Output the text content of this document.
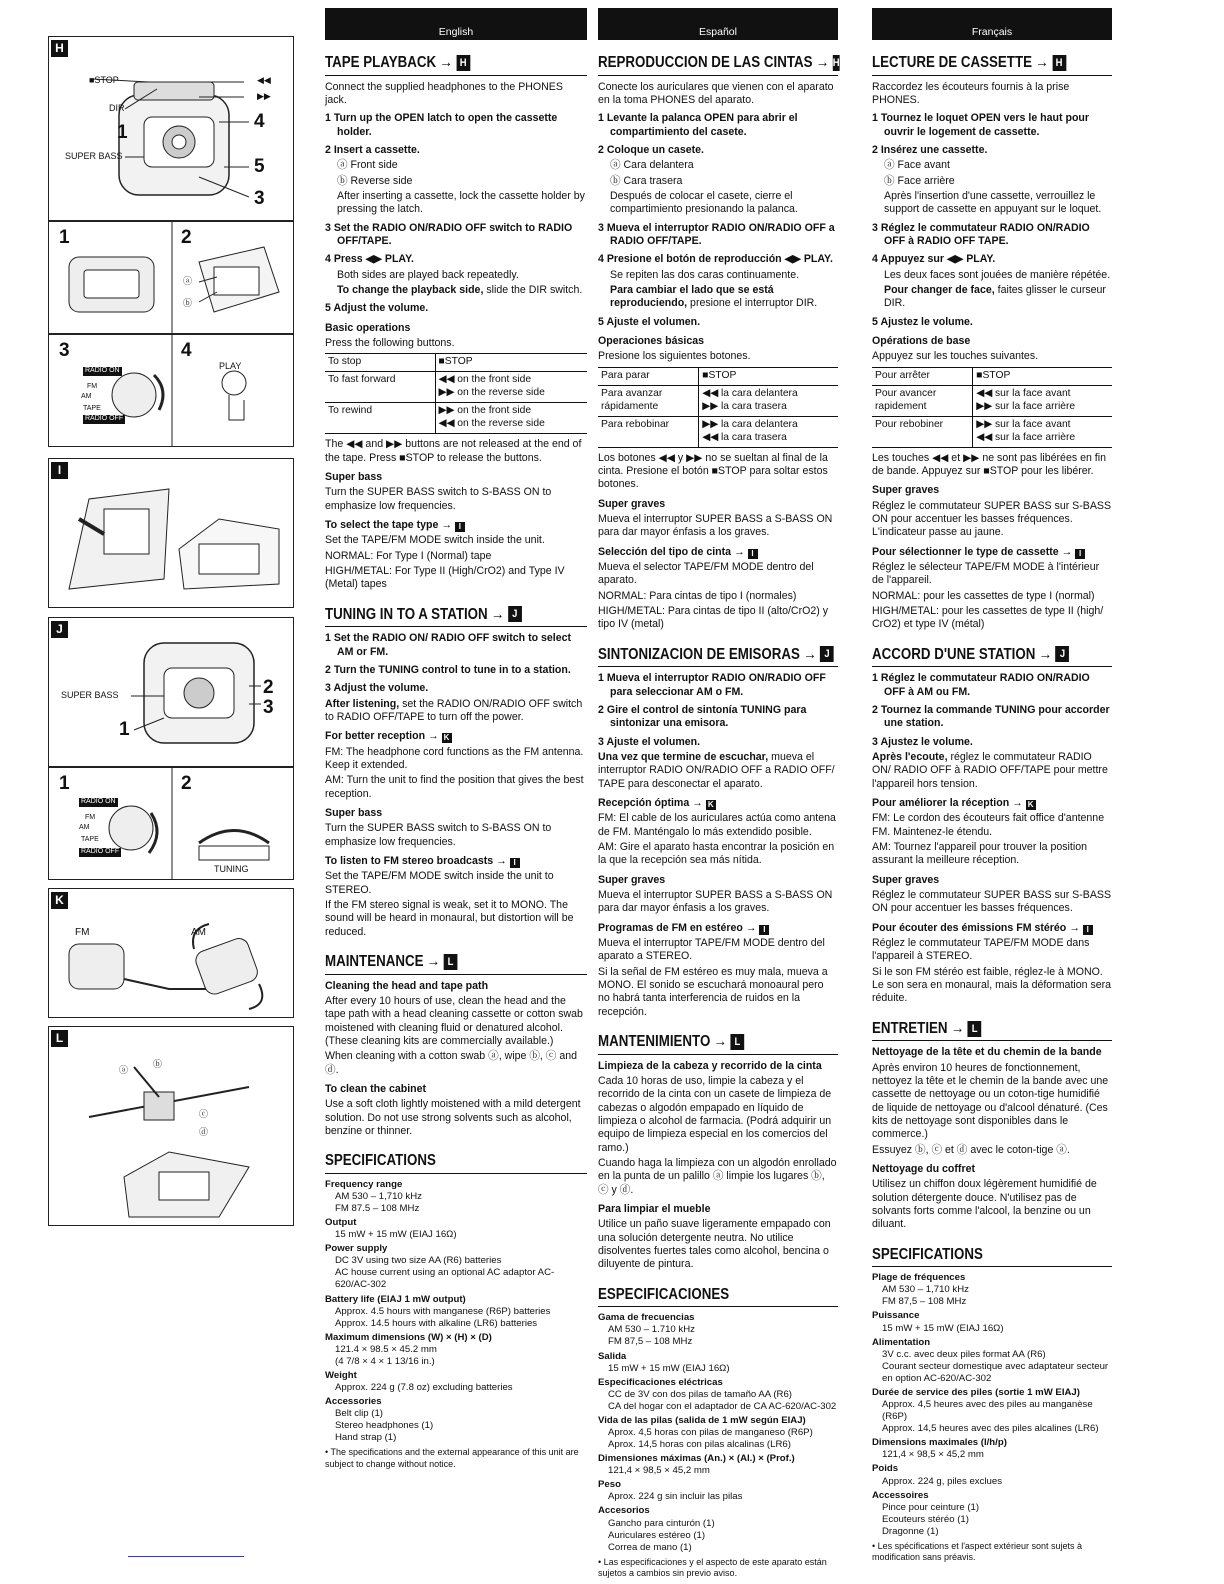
H
■STOP
DIR
SUPER BASS
◀◀
▶▶
1
4
5
3
1	2
ⓐ
ⓑ
3	4
RADIO ON
FM
AM
TAPE
RADIO OFF
PLAY
I
J
SUPER BASS
1
2
3
1	2
RADIO ON
FM
AM
TAPE
RADIO OFF
TUNING
K
FM	AM
L
ⓐ
ⓑ
ⓒ
ⓓ
English
TAPE PLAYBACK → H

Connect the supplied headphones to the PHONES jack.

1 Turn up the OPEN latch to open the cassette holder.

2 Insert a cassette.

ⓐ Front side

ⓑ Reverse side

After inserting a cassette, lock the cassette holder by pressing the latch.

3 Set the RADIO ON/RADIO OFF switch to RADIO OFF/TAPE.

4 Press ◀▶ PLAY.

Both sides are played back repeatedly.

To change the playback side, slide the DIR switch.

5 Adjust the volume.

Basic operations

Press the following buttons.

To stop	■STOP
To fast forward	◀◀ on the front side
▶▶ on the reverse side

To rewind	▶▶ on the front side
◀◀ on the reverse side

The ◀◀ and ▶▶ buttons are not released at the end of the tape. Press ■STOP to release the buttons.

Super bass

Turn the SUPER BASS switch to S-BASS ON to emphasize low frequencies.

To select the tape type → I

Set the TAPE/FM MODE switch inside the unit.

NORMAL: For Type I (Normal) tape

HIGH/METAL: For Type II (High/CrO2) and Type IV (Metal) tapes

TUNING IN TO A STATION → J

1 Set the RADIO ON/ RADIO OFF switch to select AM or FM.

2 Turn the TUNING control to tune in to a station.

3 Adjust the volume.

After listening, set the RADIO ON/RADIO OFF switch to RADIO OFF/TAPE to turn off the power.

For better reception → K

FM: The headphone cord functions as the FM antenna. Keep it extended.

AM: Turn the unit to find the position that gives the best reception.

Super bass

Turn the SUPER BASS switch to S-BASS ON to emphasize low frequencies.

To listen to FM stereo broadcasts → I

Set the TAPE/FM MODE switch inside the unit to STEREO.

If the FM stereo signal is weak, set it to MONO. The sound will be heard in monaural, but distortion will be reduced.

MAINTENANCE → L

Cleaning the head and tape path

After every 10 hours of use, clean the head and the tape path with a head cleaning cassette or cotton swab moistened with cleaning fluid or denatured alcohol. (These cleaning kits are commercially available.)

When cleaning with a cotton swab ⓐ, wipe ⓑ, ⓒ and ⓓ.

To clean the cabinet

Use a soft cloth lightly moistened with a mild detergent solution. Do not use strong solvents such as alcohol, benzine or thinner.

SPECIFICATIONS
Frequency range
AM 530 – 1,710 kHz
FM 87.5 – 108 MHz
Output
15 mW + 15 mW (EIAJ 16Ω)
Power supply
DC 3V using two size AA (R6) batteries
AC house current using an optional AC adaptor AC-620/AC-302
Battery life (EIAJ 1 mW output)
Approx. 4.5 hours with manganese (R6P) batteries
Approx. 14.5 hours with alkaline (LR6) batteries
Maximum dimensions (W) × (H) × (D)
121.4 × 98.5 × 45.2 mm
(4 7/8 × 4 × 1 13/16 in.)
Weight
Approx. 224 g (7.8 oz) excluding batteries
Accessories
Belt clip (1)
Stereo headphones (1)
Hand strap (1)
• The specifications and the external appearance of this unit are subject to change without notice.
Español
REPRODUCCION DE LAS CINTAS → H

Conecte los auriculares que vienen con el aparato en la toma PHONES del aparato.

1 Levante la palanca OPEN para abrir el compartimiento del casete.

2 Coloque un casete.

ⓐ Cara delantera

ⓑ Cara trasera

Después de colocar el casete, cierre el compartimiento presionando la palanca.

3 Mueva el interruptor RADIO ON/RADIO OFF a RADIO OFF/TAPE.

4 Presione el botón de reproducción ◀▶ PLAY.

Se repiten las dos caras continuamente.

Para cambiar el lado que se está reproduciendo, presione el interruptor DIR.

5 Ajuste el volumen.

Operaciones básicas

Presione los siguientes botones.

Para parar	■STOP
Para avanzar rápidamente	◀◀ la cara delantera
▶▶ la cara trasera

Para rebobinar	▶▶ la cara delantera
◀◀ la cara trasera

Los botones ◀◀ y ▶▶ no se sueltan al final de la cinta. Presione el botón ■STOP para soltar estos botones.

Super graves

Mueva el interruptor SUPER BASS a S-BASS ON para dar mayor énfasis a los graves.

Selección del tipo de cinta → I

Mueva el selector TAPE/FM MODE dentro del aparato.

NORMAL: Para cintas de tipo I (normales)

HIGH/METAL: Para cintas de tipo II (alto/CrO2) y tipo IV (metal)

SINTONIZACION DE EMISORAS → J

1 Mueva el interruptor RADIO ON/RADIO OFF para seleccionar AM o FM.

2 Gire el control de sintonía TUNING para sintonizar una emisora.

3 Ajuste el volumen.

Una vez que termine de escuchar, mueva el interruptor RADIO ON/RADIO OFF a RADIO OFF/ TAPE para desconectar el aparato.

Recepción óptima → K

FM: El cable de los auriculares actúa como antena de FM. Manténgalo lo más extendido posible.

AM: Gire el aparato hasta encontrar la posición en la que la recepción sea más nítida.

Super graves

Mueva el interruptor SUPER BASS a S-BASS ON para dar mayor énfasis a los graves.

Programas de FM en estéreo → I

Mueva el interruptor TAPE/FM MODE dentro del aparato a STEREO.

Si la señal de FM estéreo es muy mala, mueva a MONO. El sonido se escuchará monoaural pero no habrá tanta interferencia de ruidos en la recepción.

MANTENIMIENTO → L

Limpieza de la cabeza y recorrido de la cinta

Cada 10 horas de uso, limpie la cabeza y el recorrido de la cinta con un casete de limpieza de cabezas o algodón empapado en líquido de limpieza o alcohol de farmacia. (Podrá adquirir un equipo de limpieza especial en los comercios del ramo.)

Cuando haga la limpieza con un algodón enrollado en la punta de un palillo ⓐ limpie los lugares ⓑ, ⓒ y ⓓ.

Para limpiar el mueble

Utilice un paño suave ligeramente empapado con una solución detergente neutra. No utilice disolventes fuertes tales como alcohol, bencina o diluyente de pintura.

ESPECIFICACIONES
Gama de frecuencias
AM 530 – 1.710 kHz
FM 87,5 – 108 MHz
Salida
15 mW + 15 mW (EIAJ 16Ω)
Especificaciones eléctricas
CC de 3V con dos pilas de tamaño AA (R6)
CA del hogar con el adaptador de CA AC-620/AC-302
Vida de las pilas (salida de 1 mW según EIAJ)
Aprox. 4,5 horas con pilas de manganeso (R6P)
Aprox. 14,5 horas con pilas alcalinas (LR6)
Dimensiones máximas (An.) × (Al.) × (Prof.)
121,4 × 98,5 × 45,2 mm
Peso
Aprox. 224 g sin incluir las pilas
Accesorios
Gancho para cinturón (1)
Auriculares estéreo (1)
Correa de mano (1)
• Las especificaciones y el aspecto de este aparato están sujetos a cambios sin previo aviso.
Français
LECTURE DE CASSETTE → H

Raccordez les écouteurs fournis à la prise PHONES.

1 Tournez le loquet OPEN vers le haut pour ouvrir le logement de cassette.

2 Insérez une cassette.

ⓐ Face avant

ⓑ Face arrière

Après l'insertion d'une cassette, verrouillez le support de cassette en appuyant sur le loquet.

3 Réglez le commutateur RADIO ON/RADIO OFF à RADIO OFF TAPE.

4 Appuyez sur ◀▶ PLAY.

Les deux faces sont jouées de manière répétée.

Pour changer de face, faites glisser le curseur DIR.

5 Ajustez le volume.

Opérations de base

Appuyez sur les touches suivantes.

Pour arrêter	■STOP
Pour avancer rapidement	◀◀ sur la face avant
▶▶ sur la face arrière

Pour rebobiner	▶▶ sur la face avant
◀◀ sur la face arrière

Les touches ◀◀ et ▶▶ ne sont pas libérées en fin de bande. Appuyez sur ■STOP pour les libérer.

Super graves

Réglez le commutateur SUPER BASS sur S-BASS ON pour accentuer les basses fréquences. L'indicateur passe au jaune.

Pour sélectionner le type de cassette → I

Réglez le sélecteur TAPE/FM MODE à l'intérieur de l'appareil.

NORMAL: pour les cassettes de type I (normal)

HIGH/METAL: pour les cassettes de type II (high/ CrO2) et type IV (métal)

ACCORD D'UNE STATION → J

1 Réglez le commutateur RADIO ON/RADIO OFF à AM ou FM.

2 Tournez la commande TUNING pour accorder une station.

3 Ajustez le volume.

Après l'ecoute, réglez le commutateur RADIO ON/ RADIO OFF à RADIO OFF/TAPE pour mettre l'appareil hors tension.

Pour améliorer la réception → K

FM: Le cordon des écouteurs fait office d'antenne FM. Maintenez-le étendu.

AM: Tournez l'appareil pour trouver la position assurant la meilleure réception.

Super graves

Réglez le commutateur SUPER BASS sur S-BASS ON pour accentuer les basses fréquences.

Pour écouter des émissions FM stéréo → I

Réglez le commutateur TAPE/FM MODE dans l'appareil à STEREO.

Si le son FM stéréo est faible, réglez-le à MONO. Le son sera en monaural, mais la déformation sera réduite.

ENTRETIEN → L

Nettoyage de la tête et du chemin de la bande

Après environ 10 heures de fonctionnement, nettoyez la tête et le chemin de la bande avec une cassette de nettoyage ou un coton-tige humidifié de liquide de nettoyage ou d'alcool dénaturé. (Ces kits de nettoyage sont disponibles dans le commerce.)

Essuyez ⓑ, ⓒ et ⓓ avec le coton-tige ⓐ.

Nettoyage du coffret

Utilisez un chiffon doux légèrement humidifié de solution détergente douce. N'utilisez pas de solvants forts comme l'alcool, la benzine ou un diluant.

SPECIFICATIONS
Plage de fréquences
AM 530 – 1,710 kHz
FM 87,5 – 108 MHz
Puissance
15 mW + 15 mW (EIAJ 16Ω)
Alimentation
3V c.c. avec deux piles format AA (R6)
Courant secteur domestique avec adaptateur secteur en option AC-620/AC-302
Durée de service des piles (sortie 1 mW EIAJ)
Approx. 4,5 heures avec des piles au manganèse (R6P)
Approx. 14,5 heures avec des piles alcalines (LR6)
Dimensions maximales (l/h/p)
121,4 × 98,5 × 45,2 mm
Poids
Approx. 224 g, piles exclues
Accessoires
Pince pour ceinture (1)
Ecouteurs stéréo (1)
Dragonne (1)
• Les spécifications et l'aspect extérieur sont sujets à modification sans préavis.
